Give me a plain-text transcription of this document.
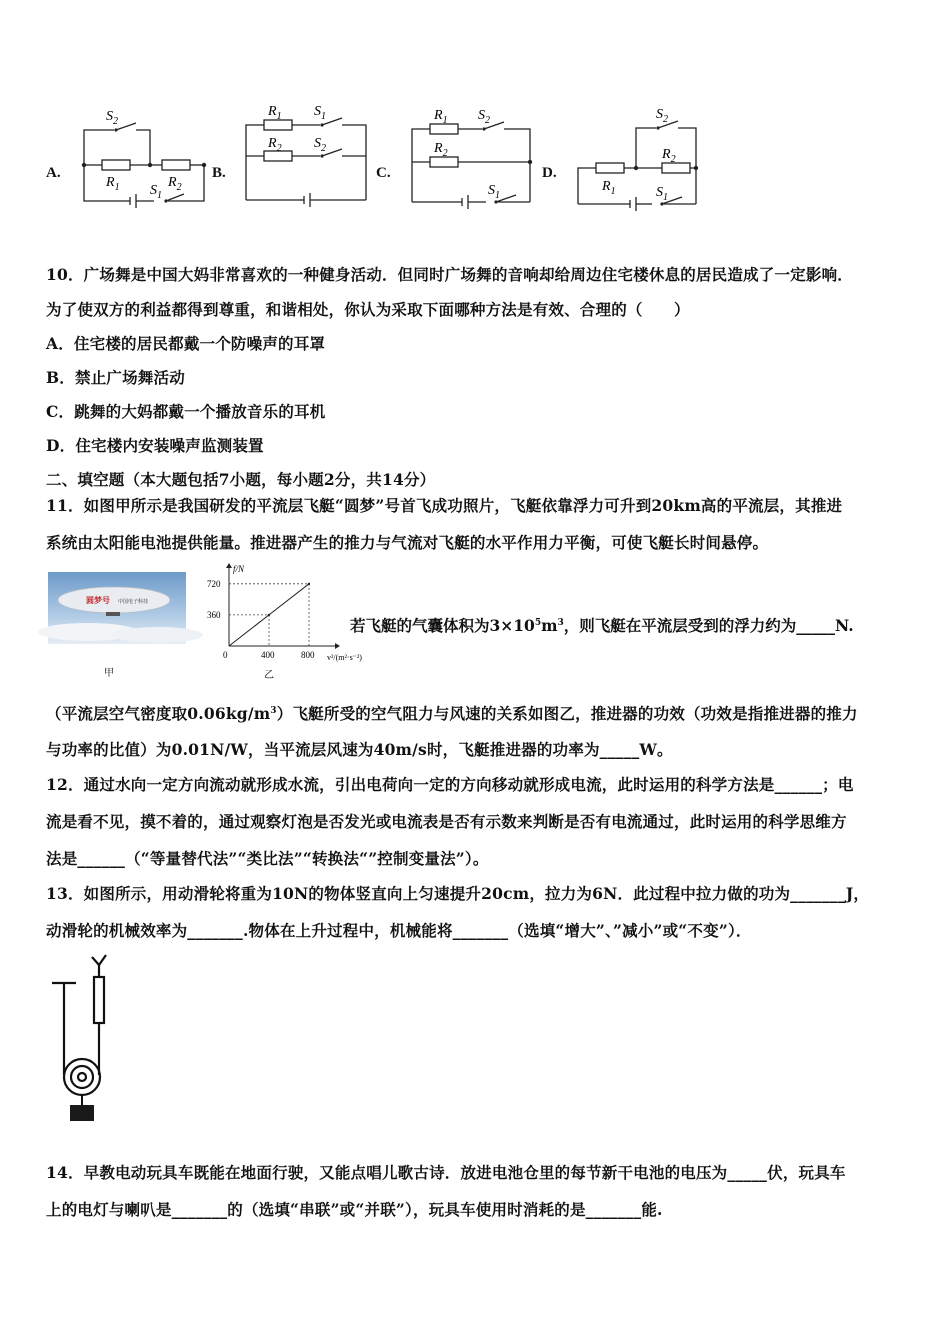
A.
$S_2$
$R_1$	$R_2$
$S_1$
B.
$R_1$ $S_1$
$R_2$ $S_2$
C.
$R_1$ $S_2$
$R_2$
$S_1$
D.
$S_2$
$R_2$
$R_1$	$S_1$
10．广场舞是中国大妈非常喜欢的一种健身活动．但同时广场舞的音响却给周边住宅楼休息的居民造成了一定影响．
为了使双方的利益都得到尊重，和谐相处，你认为采取下面哪种方法是有效、合理的（　　）
A．住宅楼的居民都戴一个防噪声的耳罩
B．禁止广场舞活动
C．跳舞的大妈都戴一个播放音乐的耳机
D．住宅楼内安装噪声监测装置
二、填空题（本大题包括7小题，每小题2分，共14分）
11．如图甲所示是我国研发的平流层飞艇“圆梦”号首飞成功照片，飞艇依靠浮力可升到20km高的平流层，其推进
系统由太阳能电池提供能量。推进器产生的推力与气流对飞艇的水平作用力平衡，可使飞艇长时间悬停。
圆梦号 中国电子科技
甲
0	400	800
360
720
f/N
v²/(m²·s⁻²)
乙
若飞艇的气囊体积为$3\times 10^5m^3$，则飞艇在平流层受到的浮力约为_____N.
（平流层空气密度取$0.06kg/m^3$）飞艇所受的空气阻力与风速的关系如图乙，推进器的功效（功效是指推进器的推力
与功率的比值）为0.01N/W，当平流层风速为40m/s时，飞艇推进器的功率为_____W。
12．通过水向一定方向流动就形成水流，引出电荷向一定的方向移动就形成电流，此时运用的科学方法是______；电
流是看不见，摸不着的，通过观察灯泡是否发光或电流表是否有示数来判断是否有电流通过，此时运用的科学思维方
法是______（“等量替代法”“类比法”“转换法“”控制变量法”）。
13．如图所示，用动滑轮将重为10N的物体竖直向上匀速提升20cm，拉力为6N．此过程中拉力做的功为_______J，
动滑轮的机械效率为_______.物体在上升过程中，机械能将_______（选填“增大”、”减小”或“不变”）．
14．早教电动玩具车既能在地面行驶，又能点唱儿歌古诗．放进电池仓里的每节新干电池的电压为_____伏，玩具车
上的电灯与喇叭是_______的（选填“串联”或“并联”），玩具车使用时消耗的是_______能.
